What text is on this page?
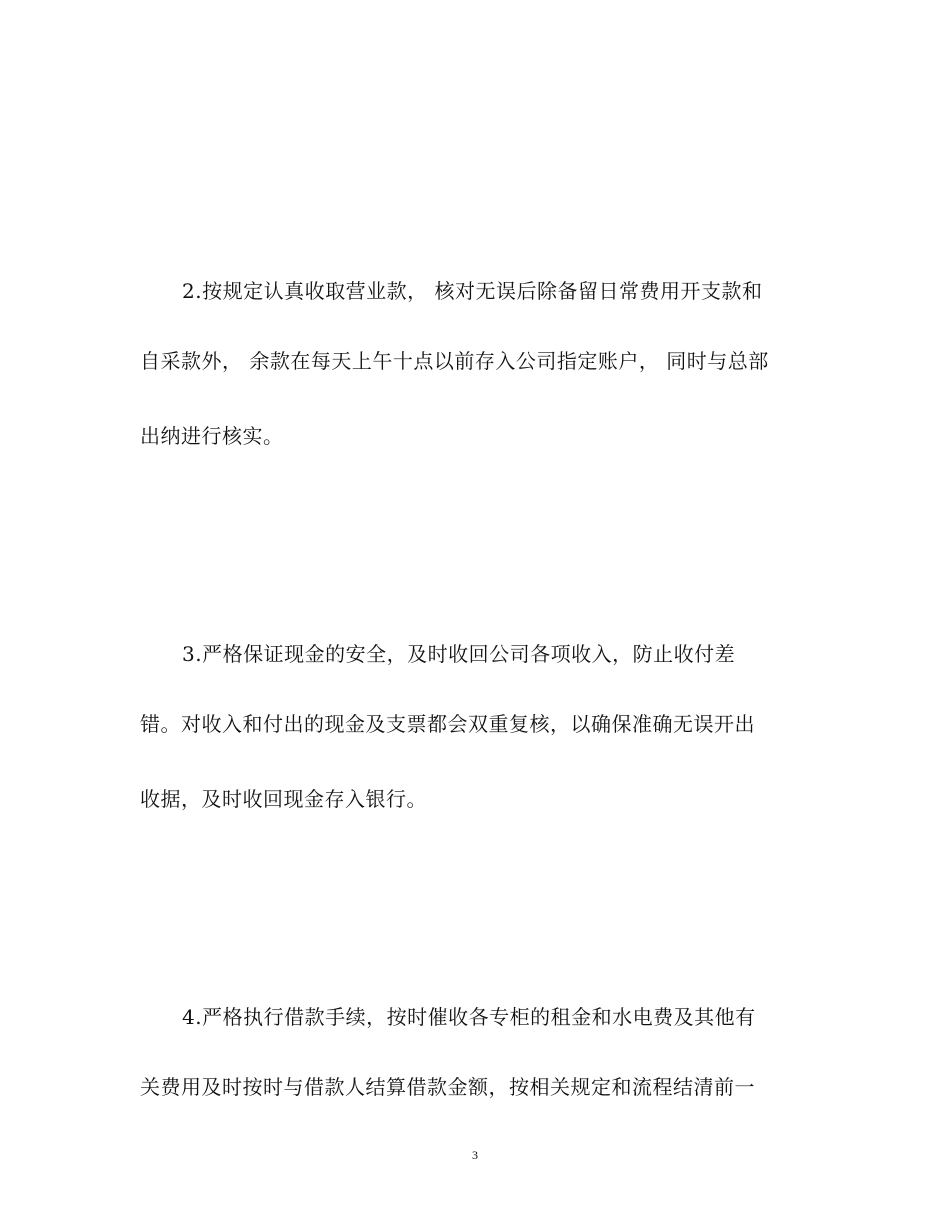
2.按规定认真收取营业款， 核对无误后除备留日常费用开支款和
自采款外， 余款在每天上午十点以前存入公司指定账户， 同时与总部
出纳进行核实。
3.严格保证现金的安全，及时收回公司各项收入，防止收付差
错。对收入和付出的现金及支票都会双重复核，以确保准确无误开出
收据，及时收回现金存入银行。
4.严格执行借款手续，按时催收各专柜的租金和水电费及其他有
关费用及时按时与借款人结算借款金额，按相关规定和流程结清前一
3
